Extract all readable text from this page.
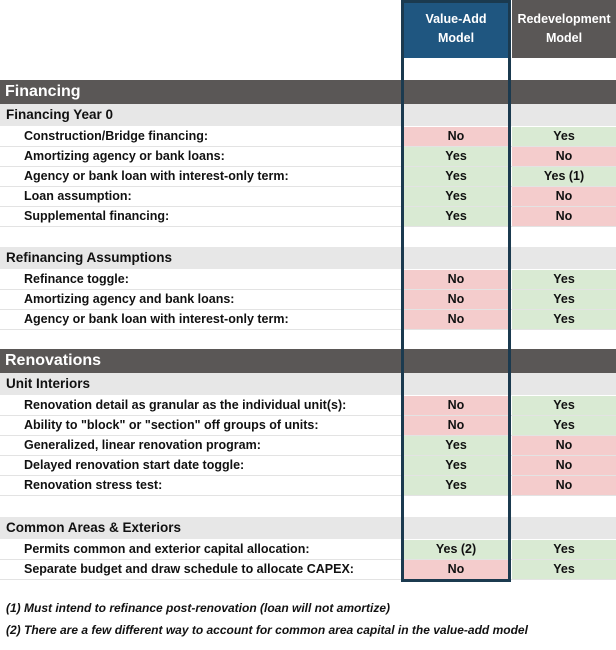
Value-Add
Model
Redevelopment
Model
Financing
Financing Year 0
Construction/Bridge financing:	No	Yes
Amortizing agency or bank loans:	Yes	No
Agency or bank loan with interest-only term:	Yes	Yes (1)
Loan assumption:	Yes	No
Supplemental financing:	Yes	No
Refinancing Assumptions
Refinance toggle:	No	Yes
Amortizing agency and bank loans:	No	Yes
Agency or bank loan with interest-only term:	No	Yes
Renovations
Unit Interiors
Renovation detail as granular as the individual unit(s):	No	Yes
Ability to "block" or "section" off groups of units:	No	Yes
Generalized, linear renovation program:	Yes	No
Delayed renovation start date toggle:	Yes	No
Renovation stress test:	Yes	No
Common Areas & Exteriors
Permits common and exterior capital allocation:	Yes (2)	Yes
Separate budget and draw schedule to allocate CAPEX:	No	Yes
(1) Must intend to refinance post-renovation (loan will not amortize)
(2) There are a few different way to account for common area capital in the value-add model
